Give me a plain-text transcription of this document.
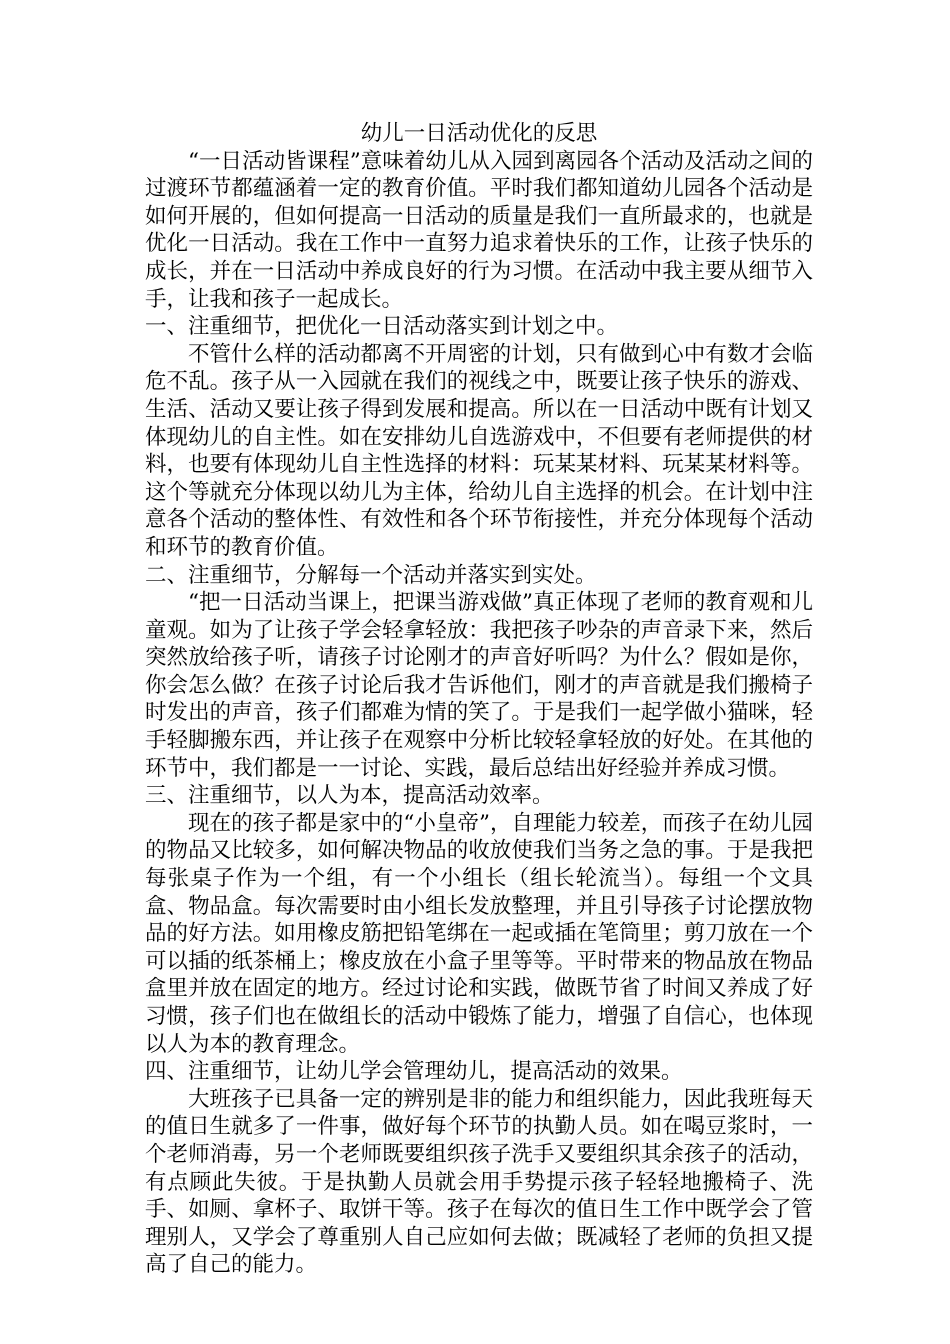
幼儿一日活动优化的反思

“一日活动皆课程”意味着幼儿从入园到离园各个活动及活动之间的过渡环节都蕴涵着一定的教育价值。平时我们都知道幼儿园各个活动是如何开展的，但如何提高一日活动的质量是我们一直所最求的，也就是优化一日活动。我在工作中一直努力追求着快乐的工作，让孩子快乐的成长，并在一日活动中养成良好的行为习惯。在活动中我主要从细节入手，让我和孩子一起成长。

一、注重细节，把优化一日活动落实到计划之中。

不管什么样的活动都离不开周密的计划，只有做到心中有数才会临危不乱。孩子从一入园就在我们的视线之中，既要让孩子快乐的游戏、生活、活动又要让孩子得到发展和提高。所以在一日活动中既有计划又体现幼儿的自主性。如在安排幼儿自选游戏中，不但要有老师提供的材料，也要有体现幼儿自主性选择的材料：玩某某材料、玩某某材料等。这个等就充分体现以幼儿为主体，给幼儿自主选择的机会。在计划中注意各个活动的整体性、有效性和各个环节衔接性，并充分体现每个活动和环节的教育价值。

二、注重细节，分解每一个活动并落实到实处。

“把一日活动当课上，把课当游戏做”真正体现了老师的教育观和儿童观。如为了让孩子学会轻拿轻放：我把孩子吵杂的声音录下来，然后突然放给孩子听，请孩子讨论刚才的声音好听吗？为什么？假如是你，你会怎么做？在孩子讨论后我才告诉他们，刚才的声音就是我们搬椅子时发出的声音，孩子们都难为情的笑了。于是我们一起学做小猫咪，轻手轻脚搬东西，并让孩子在观察中分析比较轻拿轻放的好处。在其他的环节中，我们都是一一讨论、实践，最后总结出好经验并养成习惯。

三、注重细节，以人为本，提高活动效率。

现在的孩子都是家中的“小皇帝”，自理能力较差，而孩子在幼儿园的物品又比较多，如何解决物品的收放使我们当务之急的事。于是我把每张桌子作为一个组，有一个小组长（组长轮流当）。每组一个文具盒、物品盒。每次需要时由小组长发放整理，并且引导孩子讨论摆放物品的好方法。如用橡皮筋把铅笔绑在一起或插在笔筒里；剪刀放在一个可以插的纸茶桶上；橡皮放在小盒子里等等。平时带来的物品放在物品盒里并放在固定的地方。经过讨论和实践，做既节省了时间又养成了好习惯，孩子们也在做组长的活动中锻炼了能力，增强了自信心，也体现以人为本的教育理念。

四、注重细节，让幼儿学会管理幼儿，提高活动的效果。

大班孩子已具备一定的辨别是非的能力和组织能力，因此我班每天的值日生就多了一件事，做好每个环节的执勤人员。如在喝豆浆时，一个老师消毒，另一个老师既要组织孩子洗手又要组织其余孩子的活动，有点顾此失彼。于是执勤人员就会用手势提示孩子轻轻地搬椅子、洗手、如厕、拿杯子、取饼干等。孩子在每次的值日生工作中既学会了管理别人，又学会了尊重别人自己应如何去做；既减轻了老师的负担又提高了自己的能力。
